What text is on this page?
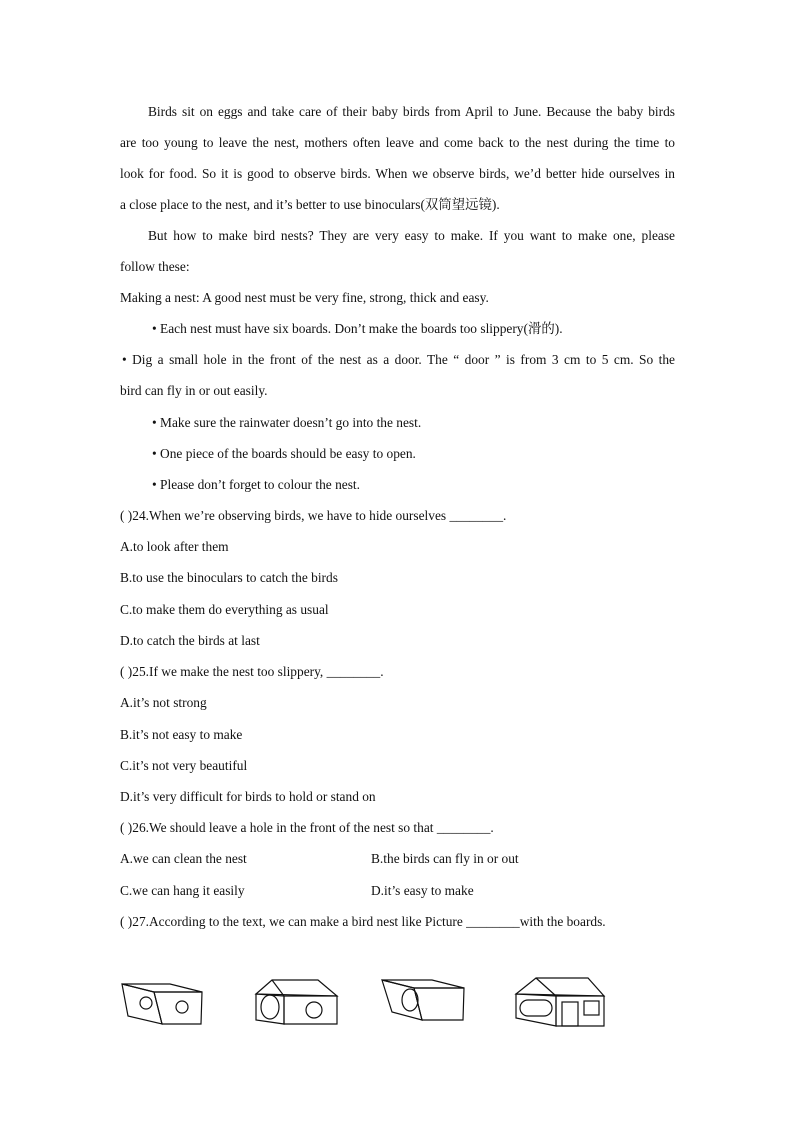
Birds sit on eggs and take care of their baby birds from April to June. Because the baby birds
are too young to leave the nest, mothers often leave and come back to the nest during the time to
look for food. So it is good to observe birds. When we observe birds, we’d better hide ourselves in
a close place to the nest, and it’s better to use binoculars(双筒望远镜).
But how to make bird nests? They are very easy to make. If you want to make one, please
follow these:
Making a nest: A good nest must be very fine, strong, thick and easy.
• Each nest must have six boards. Don’t make the boards too slippery(滑的).
• Dig a small hole in the front of the nest as a door. The “ door ” is from 3 cm to 5 cm. So the
bird can fly in or out easily.
• Make sure the rainwater doesn’t go into the nest.
• One piece of the boards should be easy to open.
• Please don’t forget to colour the nest.
( )24.When we’re observing birds, we have to hide ourselves ________.
A.to look after them
B.to use the binoculars to catch the birds
C.to make them do everything as usual
D.to catch the birds at last
( )25.If we make the nest too slippery, ________.
A.it’s not strong
B.it’s not easy to make
C.it’s not very beautiful
D.it’s very difficult for birds to hold or stand on
( )26.We should leave a hole in the front of the nest so that ________.
A.we can clean the nest	B.the birds can fly in or out
C.we can hang it easily	D.it’s easy to make
( )27.According to the text, we can make a bird nest like Picture ________with the boards.
